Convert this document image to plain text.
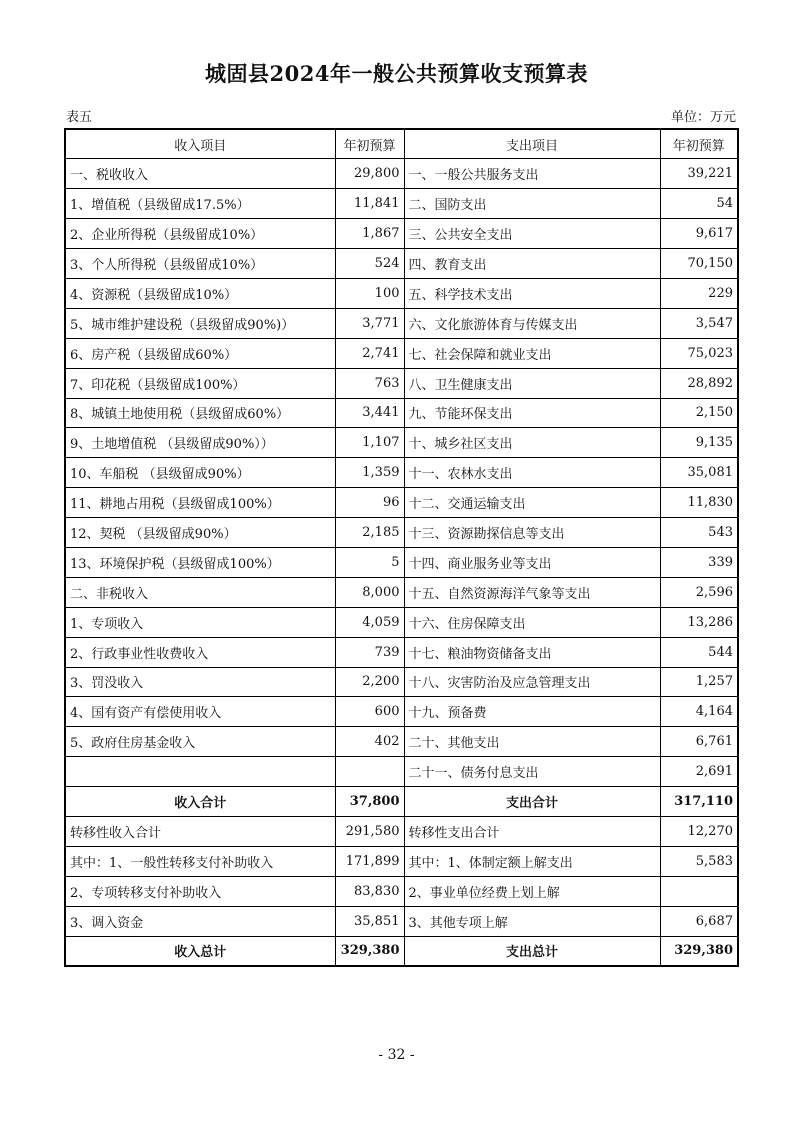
城固县2024年一般公共预算收支预算表
表五	单位：万元
收入项目	年初预算	支出项目	年初预算
一、税收收入	29,800	一、一般公共服务支出	39,221
1、增值税（县级留成17.5%）	11,841	二、国防支出	54
2、企业所得税（县级留成10%）	1,867	三、公共安全支出	9,617
3、个人所得税（县级留成10%）	524	四、教育支出	70,150
4、资源税（县级留成10%）	100	五、科学技术支出	229
5、城市维护建设税（县级留成90%)）	3,771	六、文化旅游体育与传媒支出	3,547
6、房产税（县级留成60%）	2,741	七、社会保障和就业支出	75,023
7、印花税（县级留成100%）	763	八、卫生健康支出	28,892
8、城镇土地使用税（县级留成60%）	3,441	九、节能环保支出	2,150
9、土地增值税 （县级留成90%））	1,107	十、城乡社区支出	9,135
10、车船税 （县级留成90%）	1,359	十一、农林水支出	35,081
11、耕地占用税（县级留成100%）	96	十二、交通运输支出	11,830
12、契税 （县级留成90%）	2,185	十三、资源勘探信息等支出	543
13、环境保护税（县级留成100%）	5	十四、商业服务业等支出	339
二、非税收入	8,000	十五、自然资源海洋气象等支出	2,596
1、专项收入	4,059	十六、住房保障支出	13,286
2、行政事业性收费收入	739	十七、粮油物资储备支出	544
3、罚没收入	2,200	十八、灾害防治及应急管理支出	1,257
4、国有资产有偿使用收入	600	十九、预备费	4,164
5、政府住房基金收入	402	二十、其他支出	6,761
		二十一、债务付息支出	2,691
收入合计	37,800	支出合计	317,110
转移性收入合计	291,580	转移性支出合计	12,270
其中：1、一般性转移支付补助收入	171,899	其中：1、体制定额上解支出	5,583
2、专项转移支付补助收入	83,830	2、事业单位经费上划上解	
3、调入资金	35,851	3、其他专项上解	6,687
收入总计	329,380	支出总计	329,380
- 32 -
